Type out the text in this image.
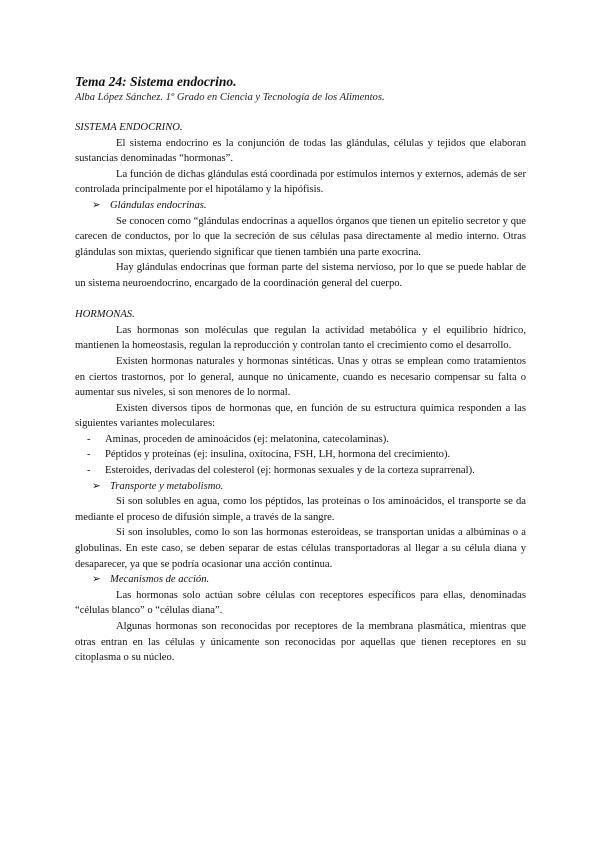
Tema 24: Sistema endocrino.
Alba López Sánchez. 1º Grado en Ciencia y Tecnología de los Alimentos.

SISTEMA ENDOCRINO.

El sistema endocrino es la conjunción de todas las glándulas, células y tejidos que elaboran sustancias denominadas “hormonas”.

La función de dichas glándulas está coordinada por estímulos internos y externos, además de ser controlada principalmente por el hipotálamo y la hipófisis.

➢ Glándulas endocrinas.

Se conocen como “glándulas endocrinas a aquellos órganos que tienen un epitelio secretor y que carecen de conductos, por lo que la secreción de sus células pasa directamente al medio interno. Otras glándulas son mixtas, queriendo significar que tienen también una parte exocrina.

Hay glándulas endocrinas que forman parte del sistema nervioso, por lo que se puede hablar de un sistema neuroendocrino, encargado de la coordinación general del cuerpo.

HORMONAS.

Las hormonas son moléculas que regulan la actividad metabólica y el equilibrio hídrico, mantienen la homeostasis, regulan la reproducción y controlan tanto el crecimiento como el desarrollo.

Existen hormonas naturales y hormonas sintéticas. Unas y otras se emplean como tratamientos en ciertos trastornos, por lo general, aunque no únicamente, cuando es necesario compensar su falta o aumentar sus niveles, si son menores de lo normal.

Existen diversos tipos de hormonas que, en función de su estructura química responden a las siguientes variantes moleculares:

- Aminas, proceden de aminoácidos (ej: melatonina, catecolaminas).
- Péptidos y proteínas (ej: insulina, oxitocina, FSH, LH, hormona del crecimiento).
- Esteroides, derivadas del colesterol (ej: hormonas sexuales y de la corteza suprarrenal).

➢ Transporte y metabolismo.

Si son solubles en agua, como los péptidos, las proteínas o los aminoácidos, el transporte se da mediante el proceso de difusión simple, a través de la sangre.

Si son insolubles, como lo son las hormonas esteroideas, se transportan unidas a albúminas o a globulinas. En este caso, se deben separar de estas células transportadoras al llegar a su célula diana y desaparecer, ya que se podría ocasionar una acción continua.

➢ Mecanismos de acción.

Las hormonas solo actúan sobre células con receptores específicos para ellas, denominadas “células blanco” o “células diana”.

Algunas hormonas son reconocidas por receptores de la membrana plasmática, mientras que otras entran en las células y únicamente son reconocidas por aquellas que tienen receptores en su citoplasma o su núcleo.
